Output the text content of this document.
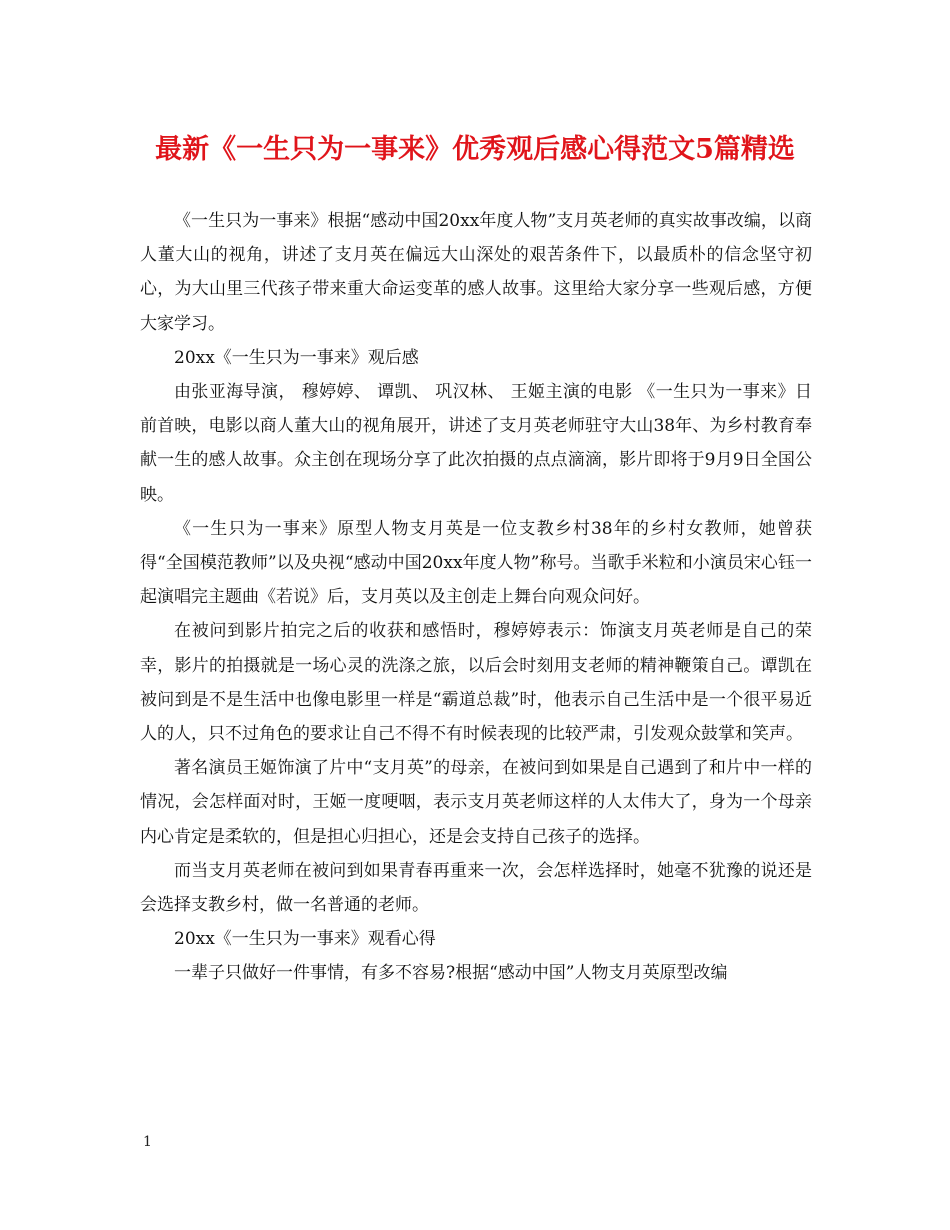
最新《一生只为一事来》优秀观后感心得范文5篇精选

《一生只为一事来》根据“感动中国20xx年度人物”支月英老师的真实故事改编，以商人董大山的视角，讲述了支月英在偏远大山深处的艰苦条件下，以最质朴的信念坚守初心，为大山里三代孩子带来重大命运变革的感人故事。这里给大家分享一些观后感，方便大家学习。

20xx《一生只为一事来》观后感

由张亚海导演， 穆婷婷、 谭凯、 巩汉林、 王姬主演的电影 《一生只为一事来》日前首映，电影以商人董大山的视角展开，讲述了支月英老师驻守大山38年、为乡村教育奉献一生的感人故事。众主创在现场分享了此次拍摄的点点滴滴，影片即将于9月9日全国公映。

《一生只为一事来》原型人物支月英是一位支教乡村38年的乡村女教师，她曾获得“全国模范教师”以及央视“感动中国20xx年度人物”称号。当歌手米粒和小演员宋心钰一起演唱完主题曲《若说》后，支月英以及主创走上舞台向观众问好。

在被问到影片拍完之后的收获和感悟时，穆婷婷表示：饰演支月英老师是自己的荣幸，影片的拍摄就是一场心灵的洗涤之旅，以后会时刻用支老师的精神鞭策自己。谭凯在被问到是不是生活中也像电影里一样是“霸道总裁”时，他表示自己生活中是一个很平易近人的人，只不过角色的要求让自己不得不有时候表现的比较严肃，引发观众鼓掌和笑声。

著名演员王姬饰演了片中“支月英”的母亲，在被问到如果是自己遇到了和片中一样的情况，会怎样面对时，王姬一度哽咽，表示支月英老师这样的人太伟大了，身为一个母亲内心肯定是柔软的，但是担心归担心，还是会支持自己孩子的选择。

而当支月英老师在被问到如果青春再重来一次，会怎样选择时，她毫不犹豫的说还是会选择支教乡村，做一名普通的老师。

20xx《一生只为一事来》观看心得

一辈子只做好一件事情，有多不容易?根据“感动中国”人物支月英原型改编

1
